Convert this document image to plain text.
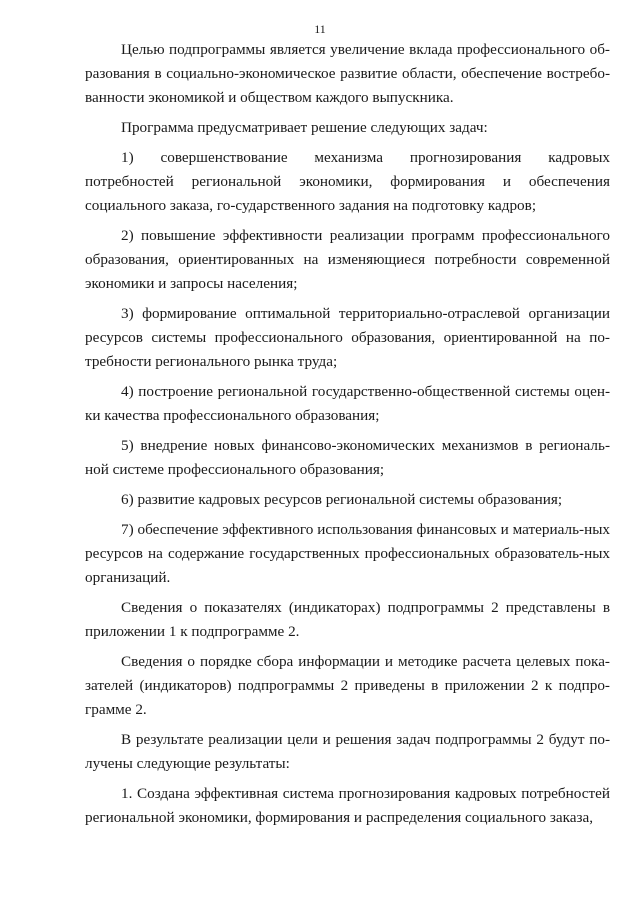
11

Целью подпрограммы является увеличение вклада профессионального об-разования в социально-экономическое развитие области, обеспечение востребо-ванности экономикой и обществом каждого выпускника.

Программа предусматривает решение следующих задач:

1) совершенствование механизма прогнозирования кадровых потребностей региональной экономики, формирования и обеспечения социального заказа, го-сударственного задания на подготовку кадров;

2) повышение эффективности реализации программ профессионального образования, ориентированных на изменяющиеся потребности современной экономики и запросы населения;

3) формирование оптимальной территориально-отраслевой организации ресурсов системы профессионального образования, ориентированной на по-требности регионального рынка труда;

4) построение региональной государственно-общественной системы оцен-ки качества профессионального образования;

5) внедрение новых финансово-экономических механизмов в региональ-ной системе профессионального образования;

6) развитие кадровых ресурсов региональной системы образования;

7) обеспечение эффективного использования финансовых и материаль-ных ресурсов на содержание государственных профессиональных образователь-ных организаций.

Сведения о показателях (индикаторах) подпрограммы 2 представлены в приложении 1 к подпрограмме 2.

Сведения о порядке сбора информации и методике расчета целевых пока-зателей (индикаторов) подпрограммы 2 приведены в приложении 2 к подпро-грамме 2.

В результате реализации цели и решения задач подпрограммы 2 будут по-лучены следующие результаты:

1. Создана эффективная система прогнозирования кадровых потребностей региональной экономики, формирования и распределения социального заказа,
